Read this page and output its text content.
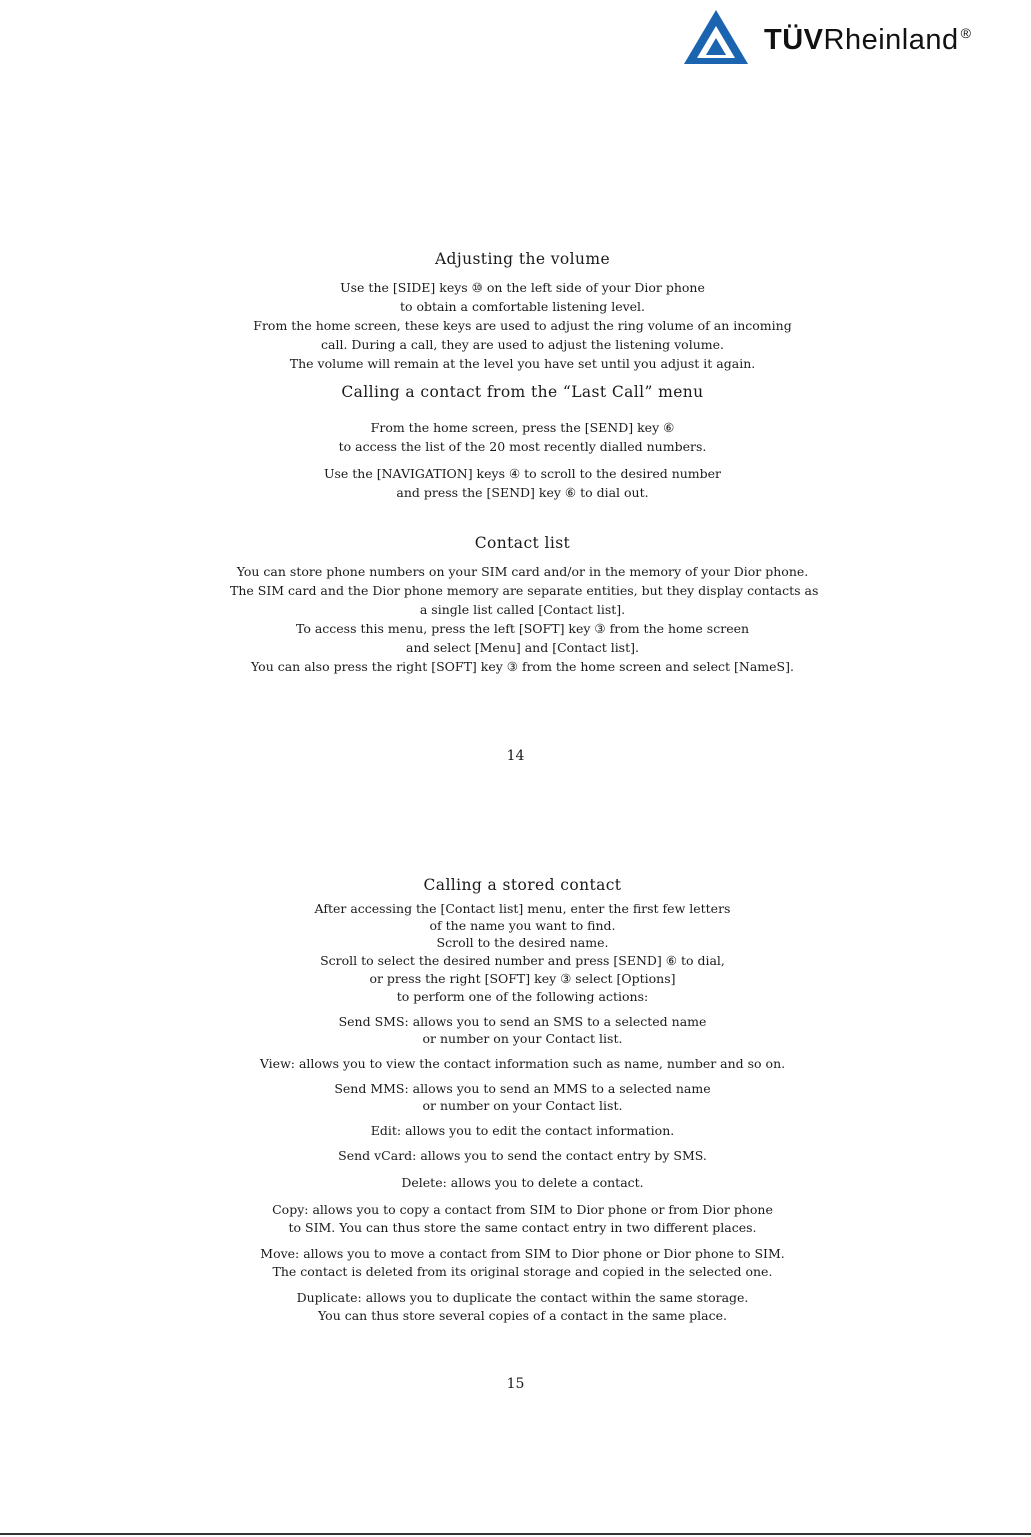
TÜVRheinland ®
Adjusting the volume
Use the [SIDE] keys ⑩ on the left side of your Dior phone
to obtain a comfortable listening level.
From the home screen, these keys are used to adjust the ring volume of an incoming
call. During a call, they are used to adjust the listening volume.
The volume will remain at the level you have set until you adjust it again.
Calling a contact from the “Last Call” menu
From the home screen, press the [SEND] key ⑥
to access the list of the 20 most recently dialled numbers.
Use the [NAVIGATION] keys ④ to scroll to the desired number
and press the [SEND] key ⑥ to dial out.
Contact list
You can store phone numbers on your SIM card and/or in the memory of your Dior phone.
The SIM card and the Dior phone memory are separate entities, but they display contacts as
a single list called [Contact list].
To access this menu, press the left [SOFT] key ③ from the home screen
and select [Menu] and [Contact list].
You can also press the right [SOFT] key ③ from the home screen and select [NameS].
14
Calling a stored contact
After accessing the [Contact list] menu, enter the first few letters
of the name you want to find.
Scroll to the desired name.
Scroll to select the desired number and press [SEND] ⑥ to dial,
or press the right [SOFT] key ③ select [Options]
to perform one of the following actions:
Send SMS: allows you to send an SMS to a selected name
or number on your Contact list.
View: allows you to view the contact information such as name, number and so on.
Send MMS: allows you to send an MMS to a selected name
or number on your Contact list.
Edit: allows you to edit the contact information.
Send vCard: allows you to send the contact entry by SMS.
Delete: allows you to delete a contact.
Copy: allows you to copy a contact from SIM to Dior phone or from Dior phone
to SIM. You can thus store the same contact entry in two different places.
Move: allows you to move a contact from SIM to Dior phone or Dior phone to SIM.
The contact is deleted from its original storage and copied in the selected one.
Duplicate: allows you to duplicate the contact within the same storage.
You can thus store several copies of a contact in the same place.
15
